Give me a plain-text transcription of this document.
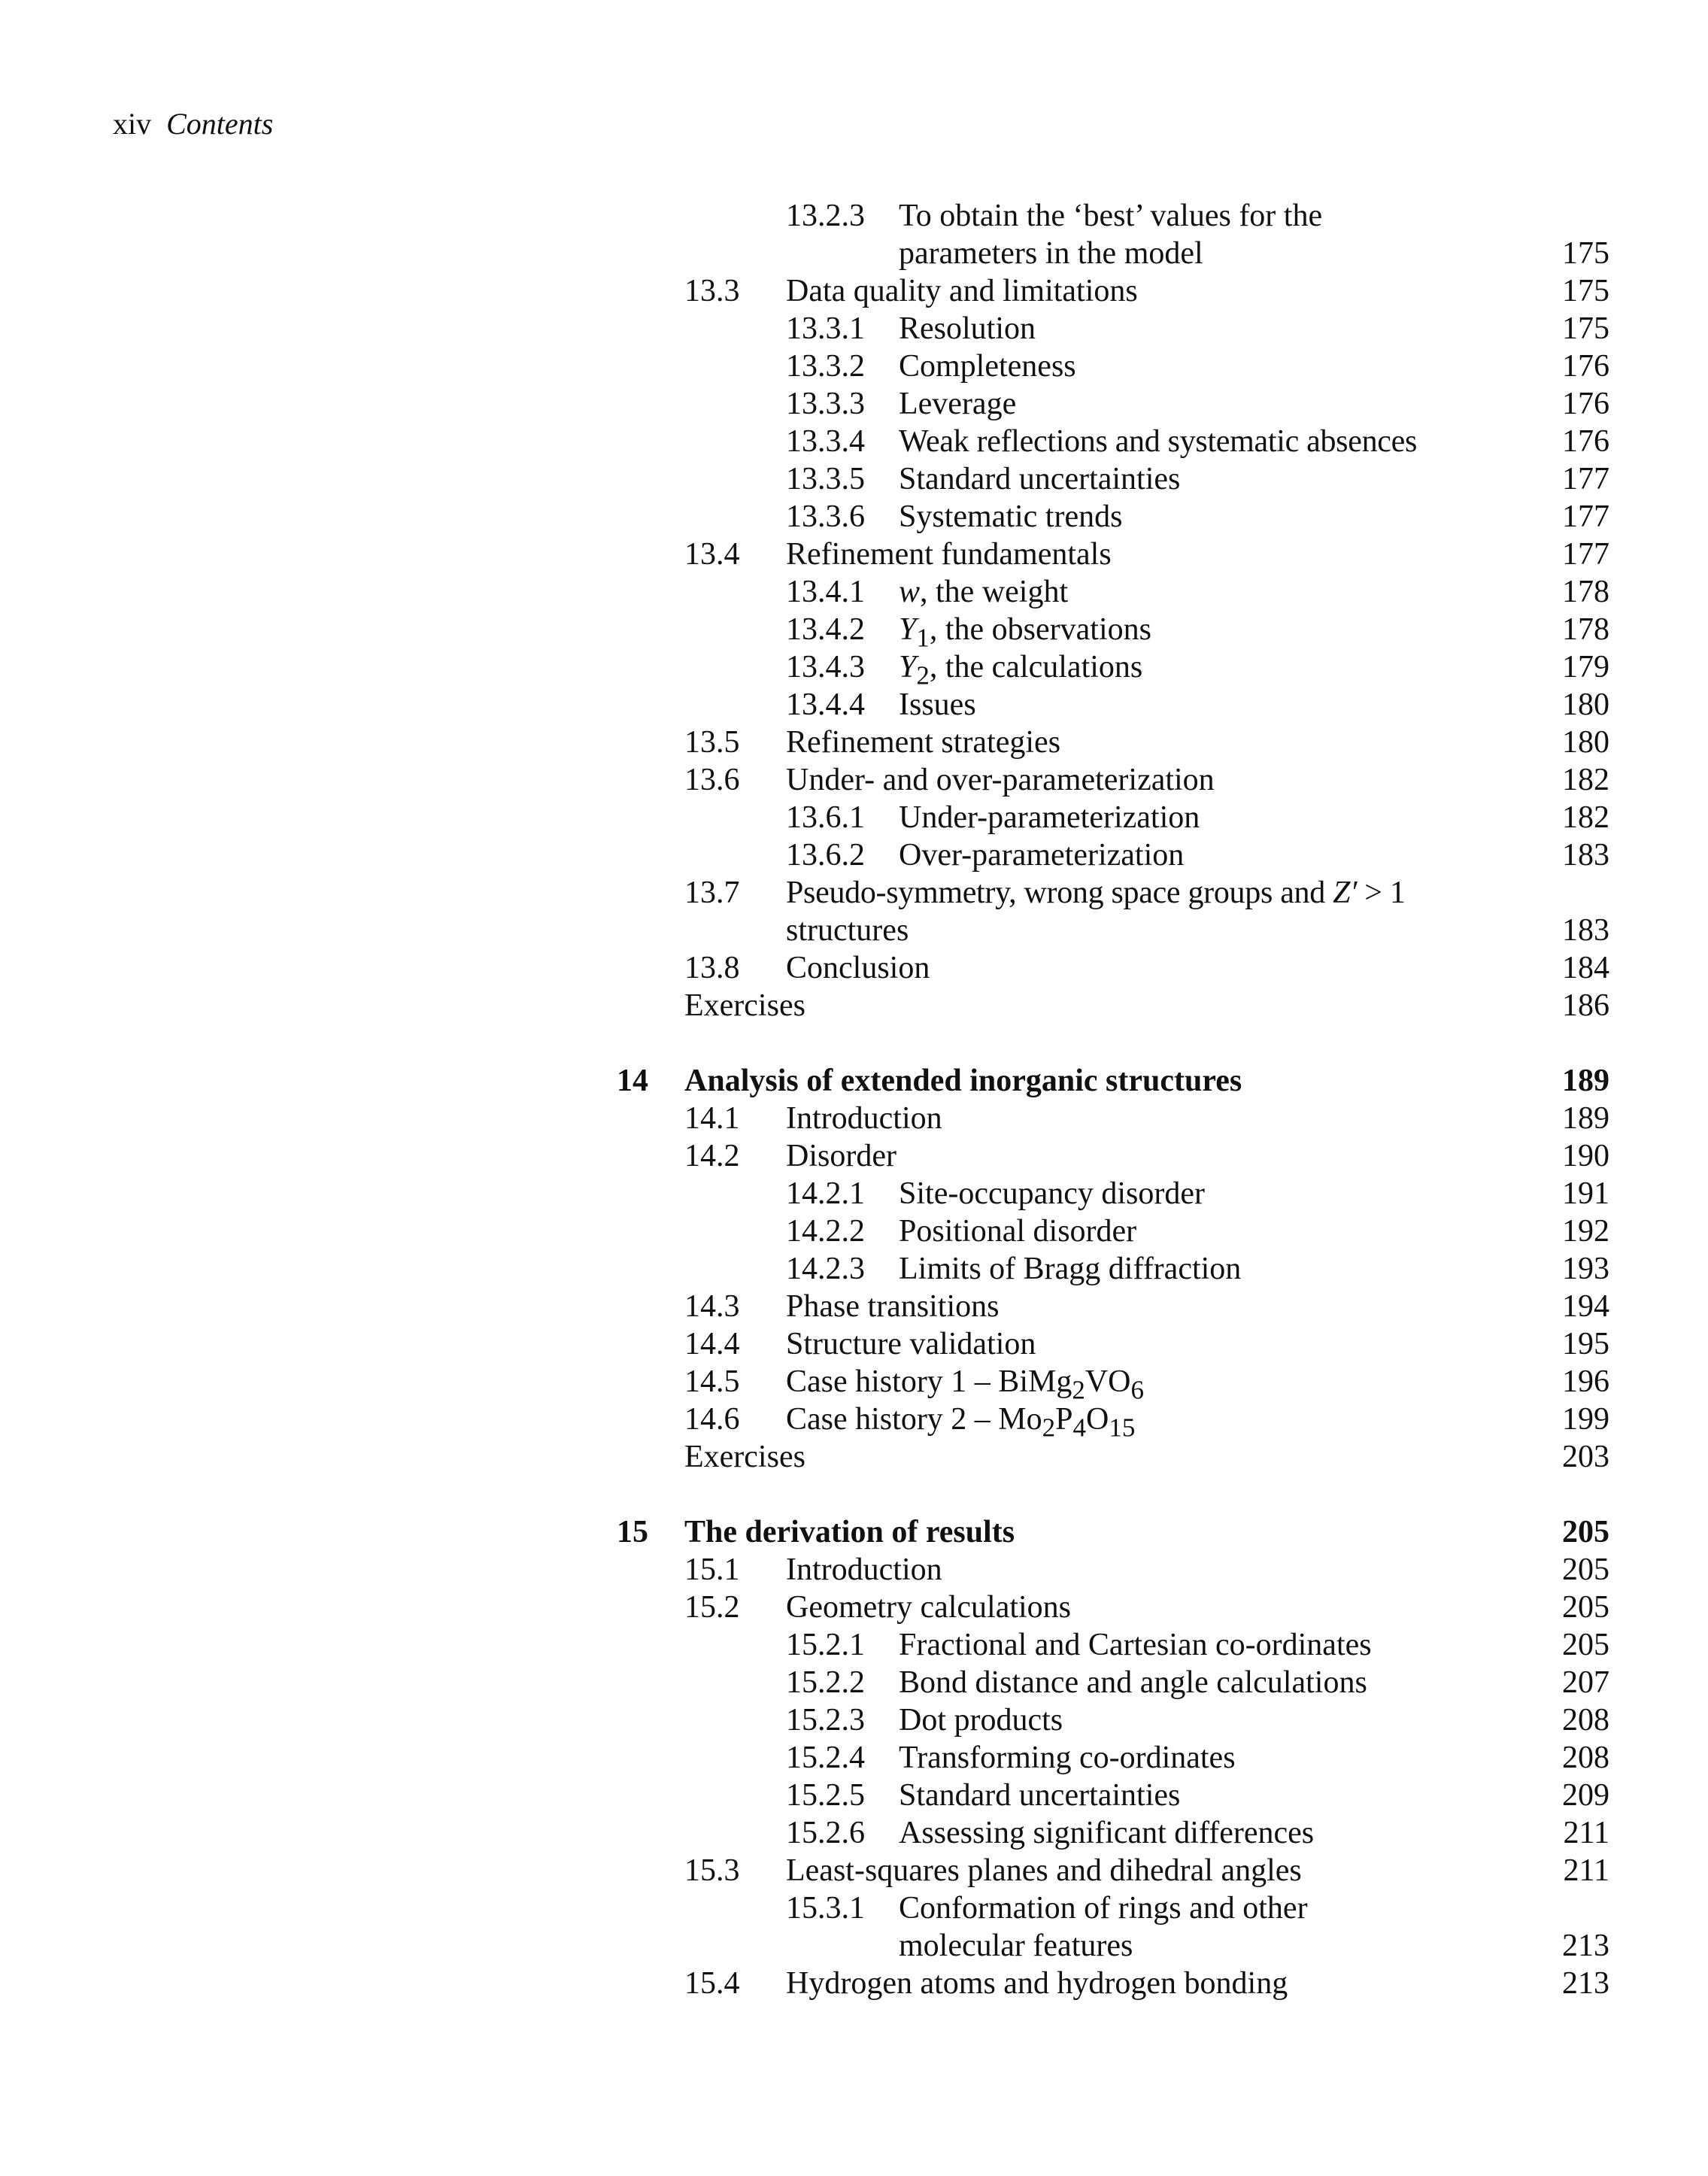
xiv Contents
13.2.3 To obtain the ‘best’ values for the
parameters in the model	175
13.3 Data quality and limitations	175
13.3.1 Resolution	175
13.3.2 Completeness	176
13.3.3 Leverage	176
13.3.4 Weak reflections and systematic absences	176
13.3.5 Standard uncertainties	177
13.3.6 Systematic trends	177
13.4 Refinement fundamentals	177
13.4.1 w, the weight	178
13.4.2 $Y_1$, the observations	178
13.4.3 $Y_2$, the calculations	179
13.4.4 Issues	180
13.5 Refinement strategies	180
13.6 Under- and over-parameterization	182
13.6.1 Under-parameterization	182
13.6.2 Over-parameterization	183
13.7 Pseudo-symmetry, wrong space groups and Z′ > 1
structures	183
13.8 Conclusion	184
Exercises	186
14 Analysis of extended inorganic structures	189
14.1 Introduction	189
14.2 Disorder	190
14.2.1 Site-occupancy disorder	191
14.2.2 Positional disorder	192
14.2.3 Limits of Bragg diffraction	193
14.3 Phase transitions	194
14.4 Structure validation	195
14.5 Case history $1 - BiMg_2VO_6$	196
14.6 Case history $2 - Mo_2P_4O_{15}$	199
Exercises	203
15 The derivation of results	205
15.1 Introduction	205
15.2 Geometry calculations	205
15.2.1 Fractional and Cartesian co-ordinates	205
15.2.2 Bond distance and angle calculations	207
15.2.3 Dot products	208
15.2.4 Transforming co-ordinates	208
15.2.5 Standard uncertainties	209
15.2.6 Assessing significant differences	211
15.3 Least-squares planes and dihedral angles	211
15.3.1 Conformation of rings and other
molecular features	213
15.4 Hydrogen atoms and hydrogen bonding	213
